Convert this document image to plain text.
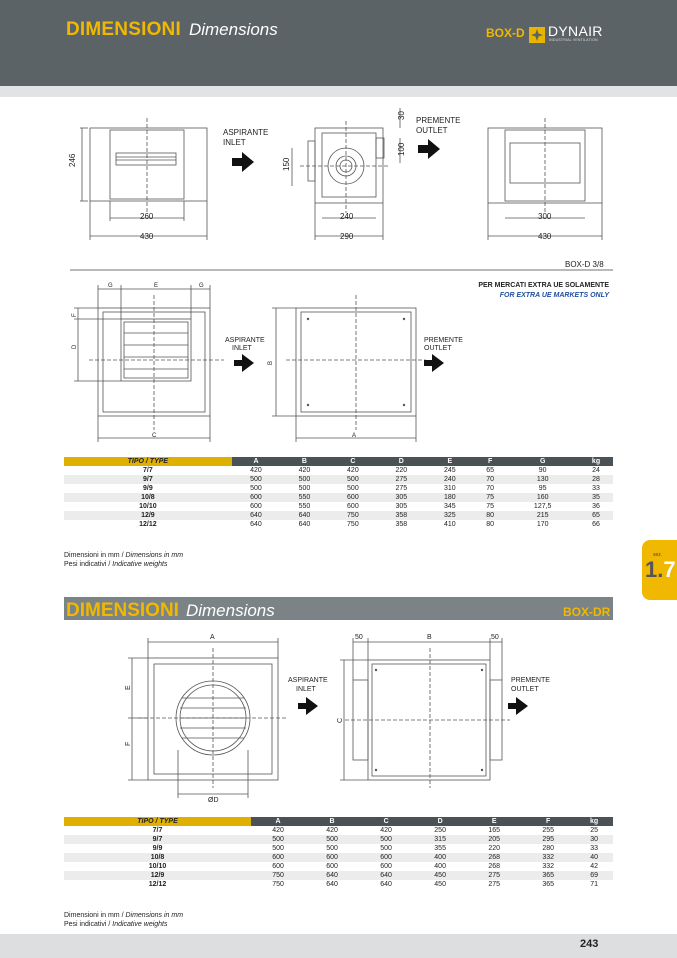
DIMENSIONI Dimensions	BOX-D DYNAIR
INDUSTRIAL VENTILATION
246
260
430
ASPIRANTE
INLET
30
100
150
PREMENTE
OUTLET
240
290
300
430
BOX-D 3/8
G	E	G
F
D
C
B
A
ASPIRANTE
INLET
PREMENTE
OUTLET
PER MERCATI EXTRA UE SOLAMENTE
FOR EXTRA UE MARKETS ONLY
TIPO / TYPE	A	B	C	D	E	F	G	kg
7/7	420	420	420	220	245	65	90	24
9/7	500	500	500	275	240	70	130	28
9/9	500	500	500	275	310	70	95	33
10/8	600	550	600	305	180	75	160	35
10/10	600	550	600	305	345	75	127,5	36
12/9	640	640	750	358	325	80	215	65
12/12	640	640	750	358	410	80	170	66
Dimensioni in mm / Dimensions in mm
Pesi indicativi / Indicative weights
sez.
1.7
DIMENSIONI Dimensions	BOX-DR
A	50	B	50
E
F
C
ØD
ASPIRANTE
INLET
PREMENTE
OUTLET
TIPO / TYPE	A	B	C	D	E	F	kg
7/7	420	420	420	250	165	255	25
9/7	500	500	500	315	205	295	30
9/9	500	500	500	355	220	280	33
10/8	600	600	600	400	268	332	40
10/10	600	600	600	400	268	332	42
12/9	750	640	640	450	275	365	69
12/12	750	640	640	450	275	365	71
Dimensioni in mm / Dimensions in mm
Pesi indicativi / Indicative weights
243
